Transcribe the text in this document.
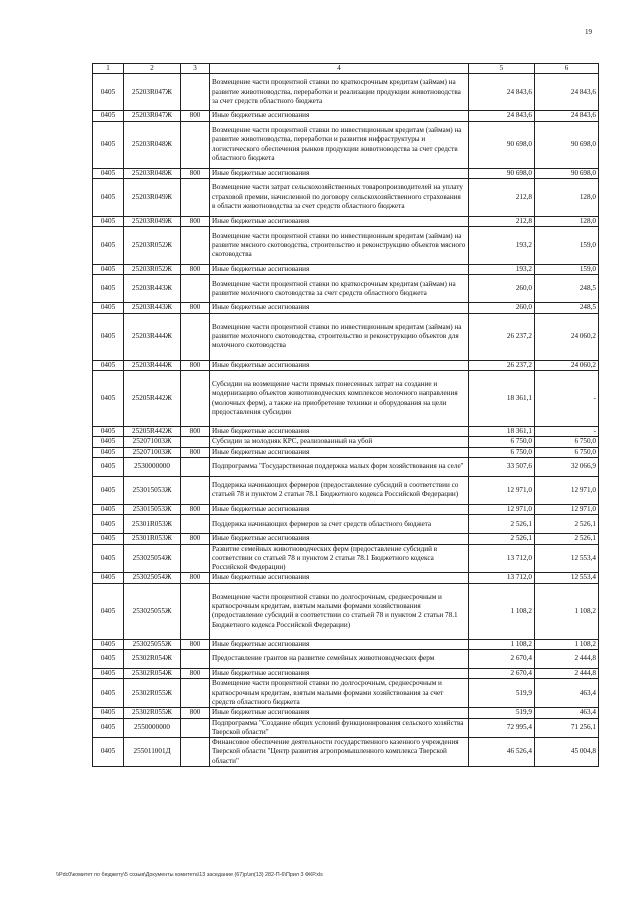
19
1	2	3	4	5	6
0405	25203R047Ж		Возмещение части процентной ставки по краткосрочным кредитам (займам) на развитие животноводства, переработки и реализации продукции животноводства за счет средств областного бюджета	24 843,6	24 843,6
0405	25203R047Ж	800	Иные бюджетные ассигнования	24 843,6	24 843,6
0405	25203R048Ж		Возмещение части процентной ставки по инвестиционным кредитам (займам) на развитие животноводства, переработки и развития инфраструктуры и логистического обеспечения рынков продукции животноводства за счет средств областного бюджета	90 698,0	90 698,0
0405	25203R048Ж	800	Иные бюджетные ассигнования	90 698,0	90 698,0
0405	25203R049Ж		Возмещение части затрат сельскохозяйственных товаропроизводителей на уплату страховой премии, начисленной по договору сельскохозяйственного страхования в области животноводства за счет средств областного бюджета	212,8	128,0
0405	25203R049Ж	800	Иные бюджетные ассигнования	212,8	128,0
0405	25203R052Ж		Возмещение части процентной ставки по инвестиционным кредитам (займам) на развитие мясного скотоводства, строительство и реконструкцию объектов мясного скотоводства	193,2	159,0
0405	25203R052Ж	800	Иные бюджетные ассигнования	193,2	159,0
0405	25203R443Ж		Возмещение части процентной ставки по краткосрочным кредитам (займам) на развитие молочного скотоводства за счет средств областного бюджета	260,0	248,5
0405	25203R443Ж	800	Иные бюджетные ассигнования	260,0	248,5
0405	25203R444Ж		Возмещение части процентной ставки по инвестиционным кредитам (займам) на развитие молочного скотоводства, строительство и реконструкцию объектов для молочного скотоводства	26 237,2	24 060,2
0405	25203R444Ж	800	Иные бюджетные ассигнования	26 237,2	24 060,2
0405	25205R442Ж		Субсидии на возмещение части прямых понесенных затрат на создание и модернизацию объектов животноводческих комплексов молочного направления (молочных ферм), а также на приобретение техники и оборудования на цели предоставления субсидии	18 361,1	-
0405	25205R442Ж	800	Иные бюджетные ассигнования	18 361,1	-
0405	252071003Ж		Субсидии за молодняк КРС, реализованный на убой	6 750,0	6 750,0
0405	252071003Ж	800	Иные бюджетные ассигнования	6 750,0	6 750,0
0405	2530000000		Подпрограмма "Государственная поддержка малых форм хозяйствования на селе"	33 507,6	32 066,9
0405	253015053Ж		Поддержка начинающих фермеров (предоставление субсидий в соответствии со статьей 78 и пунктом 2 статьи 78.1 Бюджетного кодекса Российской Федерации)	12 971,0	12 971,0
0405	253015053Ж	800	Иные бюджетные ассигнования	12 971,0	12 971,0
0405	25301R053Ж		Поддержка начинающих фермеров за счет средств областного бюджета	2 526,1	2 526,1
0405	25301R053Ж	800	Иные бюджетные ассигнования	2 526,1	2 526,1
0405	253025054Ж		Развитие семейных животноводческих ферм (предоставление субсидий в соответствии со статьей 78 и пунктом 2 статьи 78.1 Бюджетного кодекса Российской Федерации)	13 712,0	12 553,4
0405	253025054Ж	800	Иные бюджетные ассигнования	13 712,0	12 553,4
0405	253025055Ж		Возмещение части процентной ставки по долгосрочным, среднесрочным и краткосрочным кредитам, взятым малыми формами хозяйствования (предоставление субсидий в соответствии со статьей 78 и пунктом 2 статьи 78.1 Бюджетного кодекса Российской Федерации)	1 108,2	1 108,2
0405	253025055Ж	800	Иные бюджетные ассигнования	1 108,2	1 108,2
0405	25302R054Ж		Предоставление грантов на развитие семейных животноводческих ферм	2 670,4	2 444,8
0405	25302R054Ж	800	Иные бюджетные ассигнования	2 670,4	2 444,8
0405	25302R055Ж		Возмещение части процентной ставки по долгосрочным, среднесрочным и краткосрочным кредитам, взятым малыми формами хозяйствования за счет средств областного бюджета	519,9	463,4
0405	25302R055Ж	800	Иные бюджетные ассигнования	519,9	463,4
0405	2550000000		Подпрограмма "Создание общих условий функционирования сельского хозяйства Тверской области"	72 995,4	71 256,1
0405	255011001Д		Финансовое обеспечение деятельности государственного казенного учреждения Тверской области "Центр развития агропромышленного комплекса Тверской области"	46 526,4	45 004,8
\\Pdc0\комитет по бюджету\5 созыв\Документы комитета\13 заседание (67)р\зп(13) 282-П-6\Прил 3 ФКР.xls
